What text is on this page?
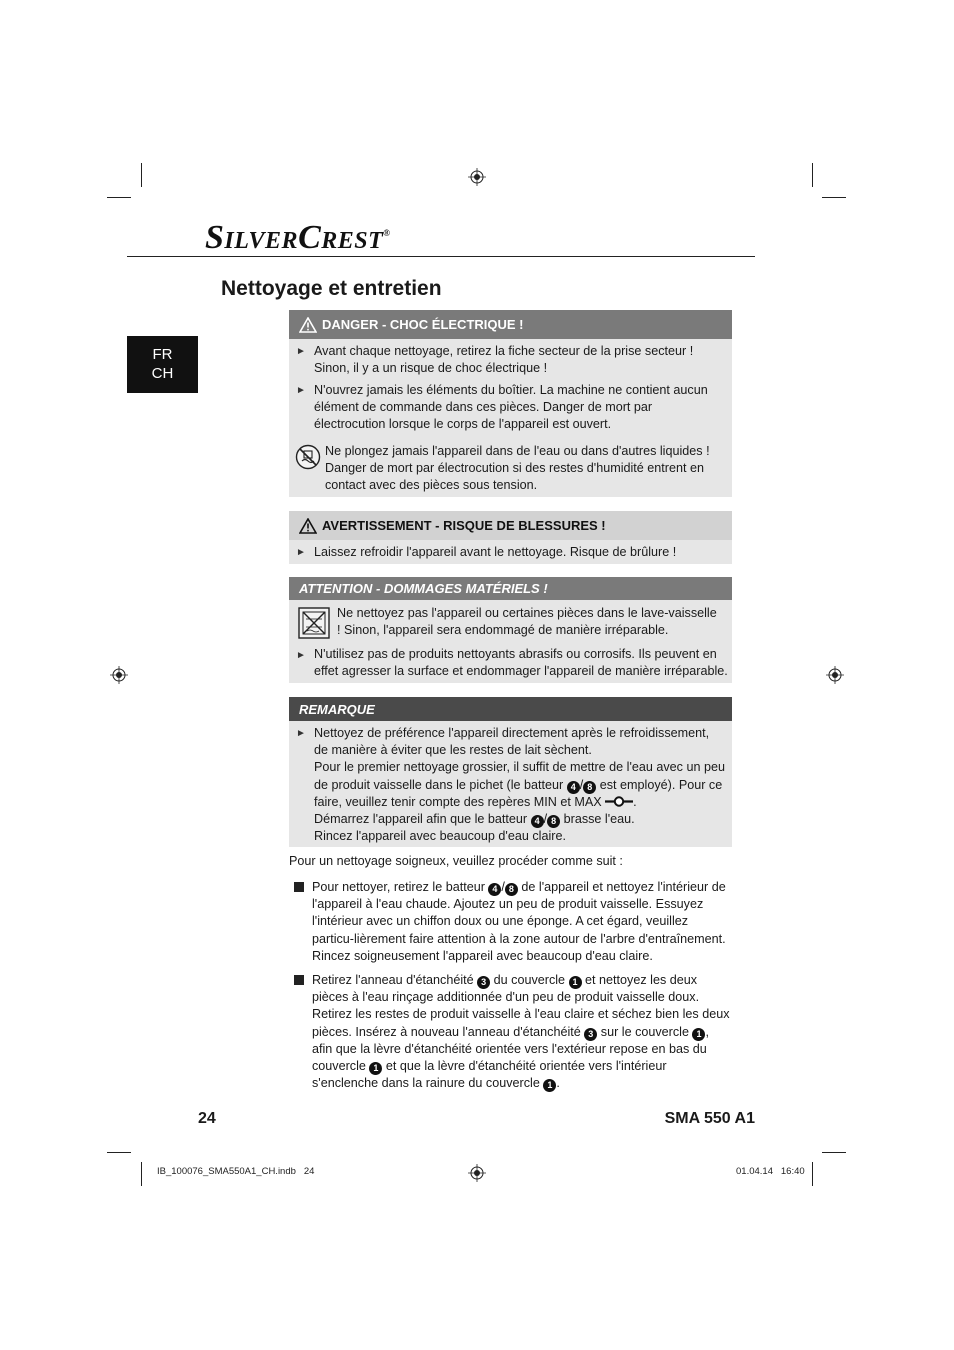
SILVERCREST®
Nettoyage et entretien
FR
CH
DANGER - CHOC ÉLECTRIQUE !
► Avant chaque nettoyage, retirez la fiche secteur de la prise secteur ! Sinon, il y a un risque de choc électrique !
► N'ouvrez jamais les éléments du boîtier. La machine ne contient aucun élément de commande dans ces pièces. Danger de mort par électrocution lorsque le corps de l'appareil est ouvert.
Ne plongez jamais l'appareil dans de l'eau ou dans d'autres liquides ! Danger de mort par électrocution si des restes d'humidité entrent en contact avec des pièces sous tension.
AVERTISSEMENT - RISQUE DE BLESSURES !
► Laissez refroidir l'appareil avant le nettoyage. Risque de brûlure !
ATTENTION - DOMMAGES MATÉRIELS !
Ne nettoyez pas l'appareil ou certaines pièces dans le lave-vaisselle ! Sinon, l'appareil sera endommagé de manière irréparable.
► N'utilisez pas de produits nettoyants abrasifs ou corrosifs. Ils peuvent en effet agresser la surface et endommager l'appareil de manière irréparable.
REMARQUE
► Nettoyez de préférence l'appareil directement après le refroidissement, de manière à éviter que les restes de lait sèchent.
Pour le premier nettoyage grossier, il suffit de mettre de l'eau avec un peu de produit vaisselle dans le pichet (le batteur 4 / 8 est employé). Pour ce faire, veuillez tenir compte des repères MIN et MAX	.
Démarrez l'appareil afin que le batteur 4 / 8 brasse l'eau.
Rincez l'appareil avec beaucoup d'eau claire.
Pour un nettoyage soigneux, veuillez procéder comme suit :
Pour nettoyer, retirez le batteur 4 / 8 de l'appareil et nettoyez l'intérieur de l'appareil à l'eau chaude. Ajoutez un peu de produit vaisselle. Essuyez l'intérieur avec un chiffon doux ou une éponge. A cet égard, veuillez particu-lièrement faire attention à la zone autour de l'arbre d'entraînement. Rincez soigneusement l'appareil avec beaucoup d'eau claire.
Retirez l'anneau d'étanchéité 3 du couvercle 1 et nettoyez les deux pièces à l'eau rinçage additionnée d'un peu de produit vaisselle doux. Retirez les restes de produit vaisselle à l'eau claire et séchez bien les deux pièces. Insérez à nouveau l'anneau d'étanchéité 3 sur le couvercle 1 , afin que la lèvre d'étanchéité orientée vers l'extérieur repose en bas du couvercle 1 et que la lèvre d'étanchéité orientée vers l'intérieur s'enclenche dans la rainure du couvercle 1 .
24	SMA 550 A1
IB_100076_SMA550A1_CH.indb   24	01.04.14   16:40
